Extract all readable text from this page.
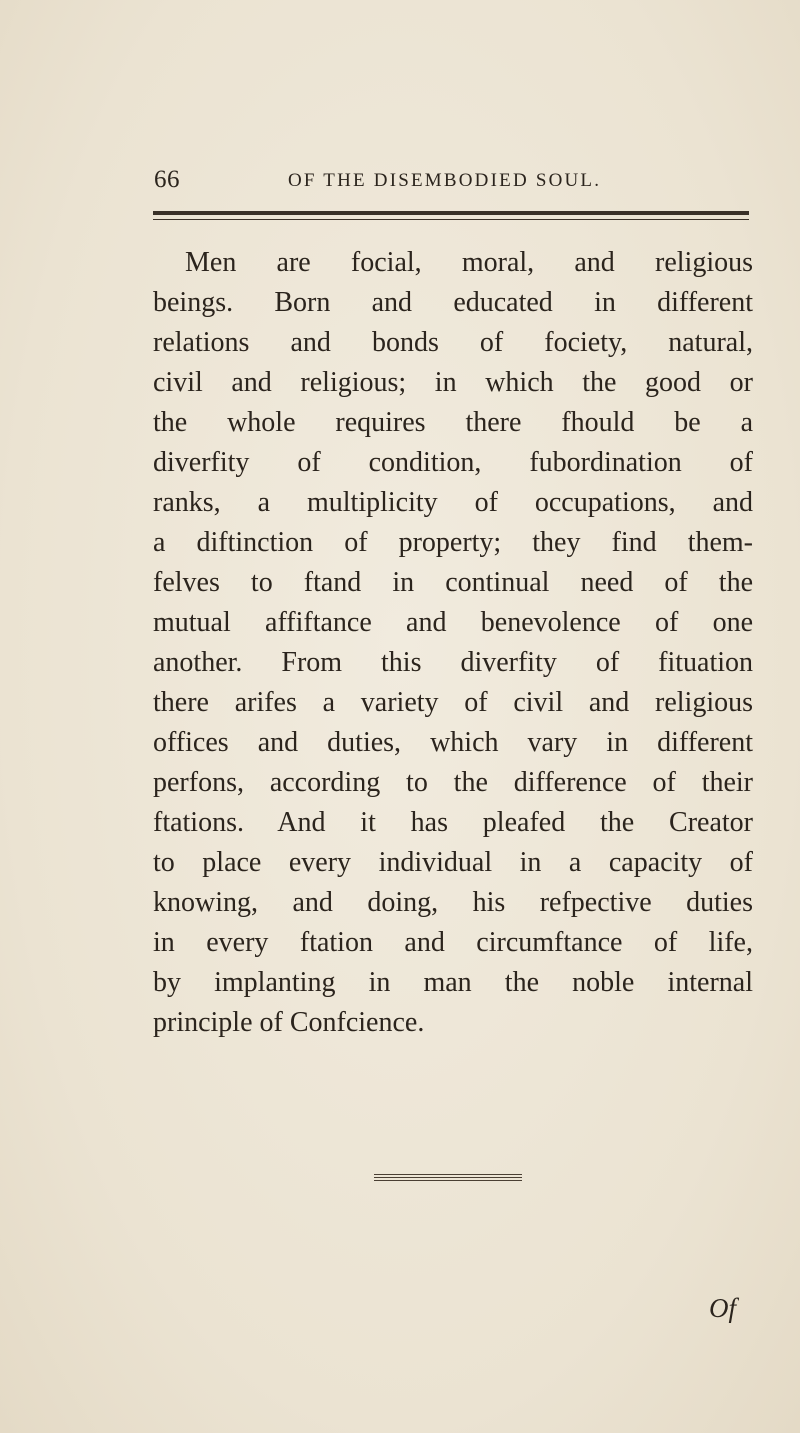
66	OF THE DISEMBODIED SOUL.
Men are focial, moral, and religious
beings. Born and educated in different
relations and bonds of fociety, natural,
civil and religious; in which the good or
the whole requires there fhould be a
diverfity of condition, fubordination of
ranks, a multiplicity of occupations, and
a diftinction of property; they find them-
felves to ftand in continual need of the
mutual affiftance and benevolence of one
another. From this diverfity of fituation
there arifes a variety of civil and religious
offices and duties, which vary in different
perfons, according to the difference of their
ftations. And it has pleafed the Creator
to place every individual in a capacity of
knowing, and doing, his refpective duties
in every ftation and circumftance of life,
by implanting in man the noble internal
principle of Confcience.
Of
